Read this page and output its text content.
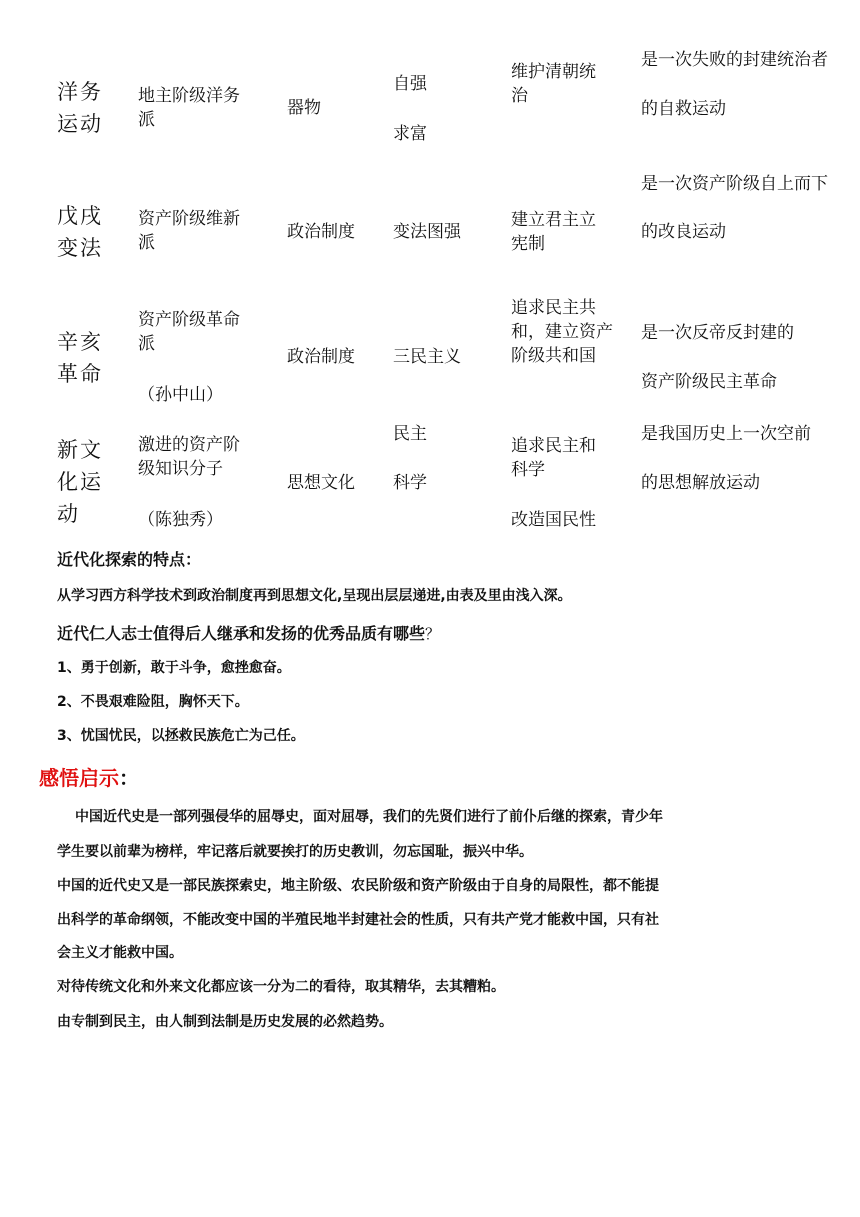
洋务
运动
地主阶级洋务
派
器物
自强
求富
维护清朝统
治
是一次失败的封建统治者
的自救运动
戊戌
变法
资产阶级维新
派
政治制度 变法图强
建立君主立
宪制
是一次资产阶级自上而下
的改良运动
辛亥
革命
资产阶级革命
派
（孙中山）
政治制度 三民主义
追求民主共
和，建立资产
阶级共和国
是一次反帝反封建的
资产阶级民主革命
新文
化运
动
激进的资产阶
级知识分子
（陈独秀）
思想文化
民主
科学
追求民主和
科学
改造国民性
是我国历史上一次空前
的思想解放运动
近代化探索的特点：
从学习西方科学技术到政治制度再到思想文化,呈现出层层递进,由表及里由浅入深。
近代仁人志士值得后人继承和发扬的优秀品质有哪些？
1、勇于创新，敢于斗争，愈挫愈奋。
2、不畏艰难险阻，胸怀天下。
3、忧国忧民，以拯救民族危亡为己任。
感悟启示：
中国近代史是一部列强侵华的屈辱史，面对屈辱，我们的先贤们进行了前仆后继的探索，青少年
学生要以前辈为榜样，牢记落后就要挨打的历史教训，勿忘国耻，振兴中华。
中国的近代史又是一部民族探索史，地主阶级、农民阶级和资产阶级由于自身的局限性，都不能提
出科学的革命纲领，不能改变中国的半殖民地半封建社会的性质，只有共产党才能救中国，只有社
会主义才能救中国。
对待传统文化和外来文化都应该一分为二的看待，取其精华，去其糟粕。
由专制到民主，由人制到法制是历史发展的必然趋势。
